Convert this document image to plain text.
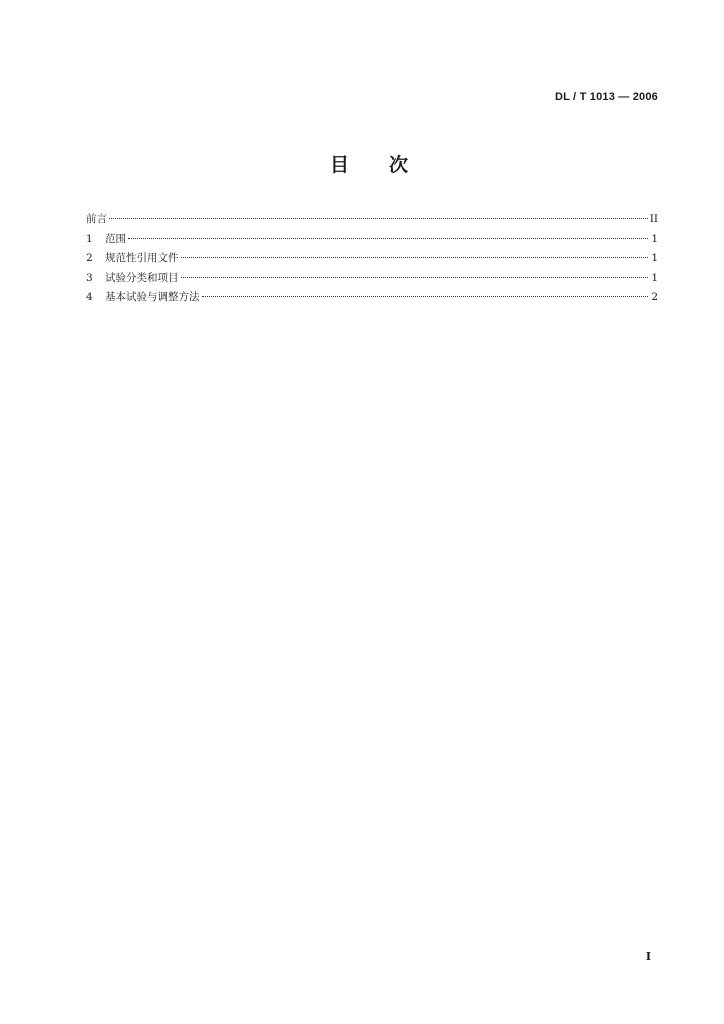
DL / T 1013 — 2006
目 次
前言	II
1	范围	1
2	规范性引用文件	1
3	试验分类和项目	1
4	基本试验与调整方法	2
I
